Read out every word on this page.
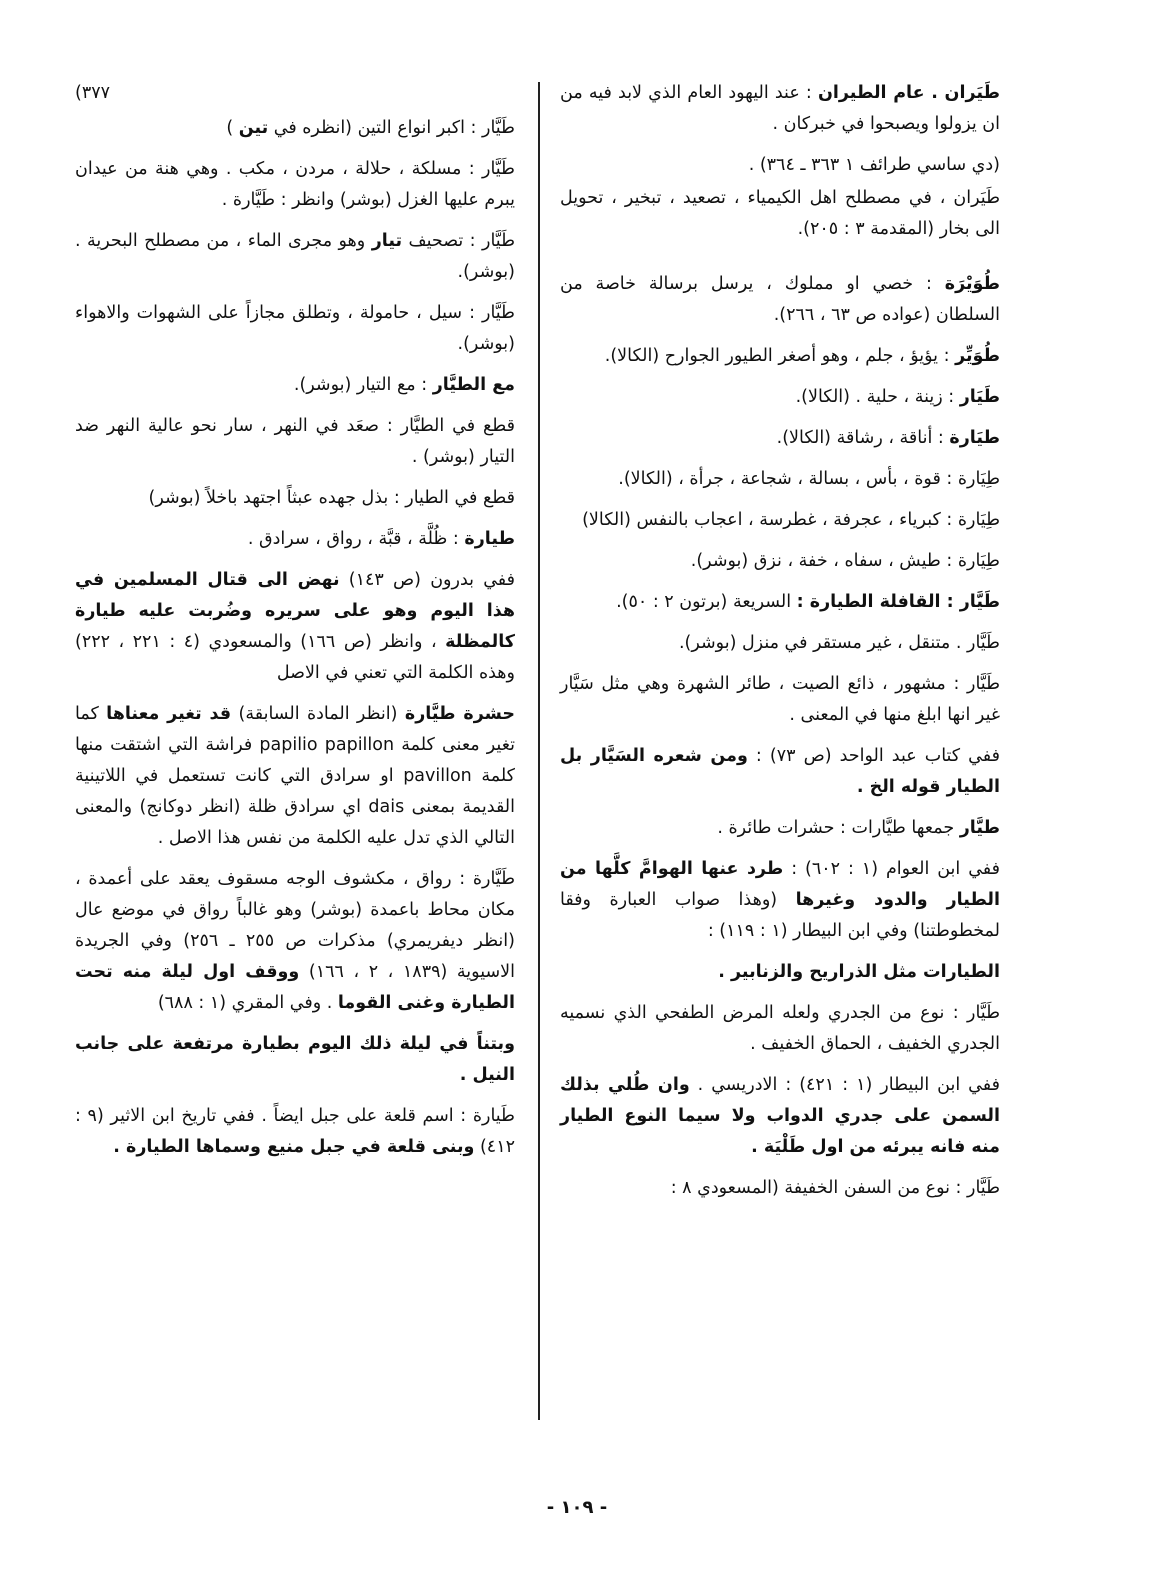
طَيَران . عام الطيران : عند اليهود العام الذي لابد فيه من ان يزولوا ويصبحوا في خبركان .

(دي ساسي طرائف ١ ٣٦٣ ـ ٣٦٤) .

طَيَران ، في مصطلح اهل الكيمياء ، تصعيد ، تبخير ، تحويل الى بخار (المقدمة ٣ : ٢٠٥).

طُوَيْرَة : خصي او مملوك ، يرسل برسالة خاصة من السلطان (عواده ص ٦٣ ، ٢٦٦).

طُوَيِّر : يؤيؤ ، جلم ، وهو أصغر الطيور الجوارح (الكالا).

طَيَار : زينة ، حلية . (الكالا).

طيَارة : أناقة ، رشاقة (الكالا).

طِيَارة : قوة ، بأس ، بسالة ، شجاعة ، جرأة ، (الكالا).

طِيَارة : كبرياء ، عجرفة ، غطرسة ، اعجاب بالنفس (الكالا)

طِيَارة : طيش ، سفاه ، خفة ، نزق (بوشر).

طَيَّار : القافلة الطيارة : السريعة (برتون ٢ : ٥٠).

طَيَّار . متنقل ، غير مستقر في منزل (بوشر).

طَيَّار : مشهور ، ذائع الصيت ، طائر الشهرة وهي مثل سَيَّار غير انها ابلغ منها في المعنى .

ففي كتاب عبد الواحد (ص ٧٣) : ومن شعره السَيَّار بل الطيار قوله الخ .

طيَّار جمعها طيَّارات : حشرات طائرة .

ففي ابن العوام (١ : ٦٠٢) : طرد عنها الهوامَّ كلَّها من الطيار والدود وغيرها (وهذا صواب العبارة وفقا لمخطوطتنا) وفي ابن البيطار (١ : ١١٩) :

الطيارات مثل الذراريح والزنابير .

طَيَّار : نوع من الجدري ولعله المرض الطفحي الذي نسميه الجدري الخفيف ، الحماق الخفيف .

ففي ابن البيطار (١ : ٤٢١) : الادريسي . وان طُلي بذلك السمن على جدري الدواب ولا سيما النوع الطيار منه فانه يبرئه من اول طَلْيَة .

طَيَّار : نوع من السفن الخفيفة (المسعودي ٨ :

٣٧٧)

طَيَّار : اكبر انواع التين (انظره في تين )

طَيَّار : مسلكة ، حلالة ، مردن ، مكب . وهي هنة من عيدان يبرم عليها الغزل (بوشر) وانظر : طَيَّارة .

طَيَّار : تصحيف تيار وهو مجرى الماء ، من مصطلح البحرية . (بوشر).

طَيَّار : سيل ، حامولة ، وتطلق مجازاً على الشهوات والاهواء (بوشر).

مع الطيَّار : مع التيار (بوشر).

قطع في الطيَّار : صعَد في النهر ، سار نحو عالية النهر ضد التيار (بوشر) .

قطع في الطيار : بذل جهده عبثاً اجتهد باخلاً (بوشر)

طيارة : ظُلَّة ، قبَّة ، رواق ، سرادق .

ففي بدرون (ص ١٤٣) نهض الى قتال المسلمين في هذا اليوم وهو على سريره وضُربت عليه طيارة كالمظلة ، وانظر (ص ١٦٦) والمسعودي (٤ : ٢٢١ ، ٢٢٢) وهذه الكلمة التي تعني في الاصل

حشرة طيَّارة (انظر المادة السابقة) قد تغير معناها كما تغير معنى كلمة papilio papillon فراشة التي اشتقت منها كلمة pavillon او سرادق التي كانت تستعمل في اللاتينية القديمة بمعنى dais اي سرادق ظلة (انظر دوكانج) والمعنى التالي الذي تدل عليه الكلمة من نفس هذا الاصل .

طَيَّارة : رواق ، مكشوف الوجه مسقوف يعقد على أعمدة ، مكان محاط باعمدة (بوشر) وهو غالباً رواق في موضع عال (انظر ديفريمري) مذكرات ص ٢٥٥ ـ ٢٥٦) وفي الجريدة الاسيوية (١٨٣٩ ، ٢ ، ١٦٦) ووقف اول ليلة منه تحت الطيارة وغنى القوما . وفي المقري (١ : ٦٨٨)

وبتناً في ليلة ذلك اليوم بطيارة مرتفعة على جانب النيل .

طَيارة : اسم قلعة على جبل ايضاً . ففي تاريخ ابن الاثير (٩ : ٤١٢) وبنى قلعة في جبل منيع وسماها الطيارة .

- ١٠٩ -
